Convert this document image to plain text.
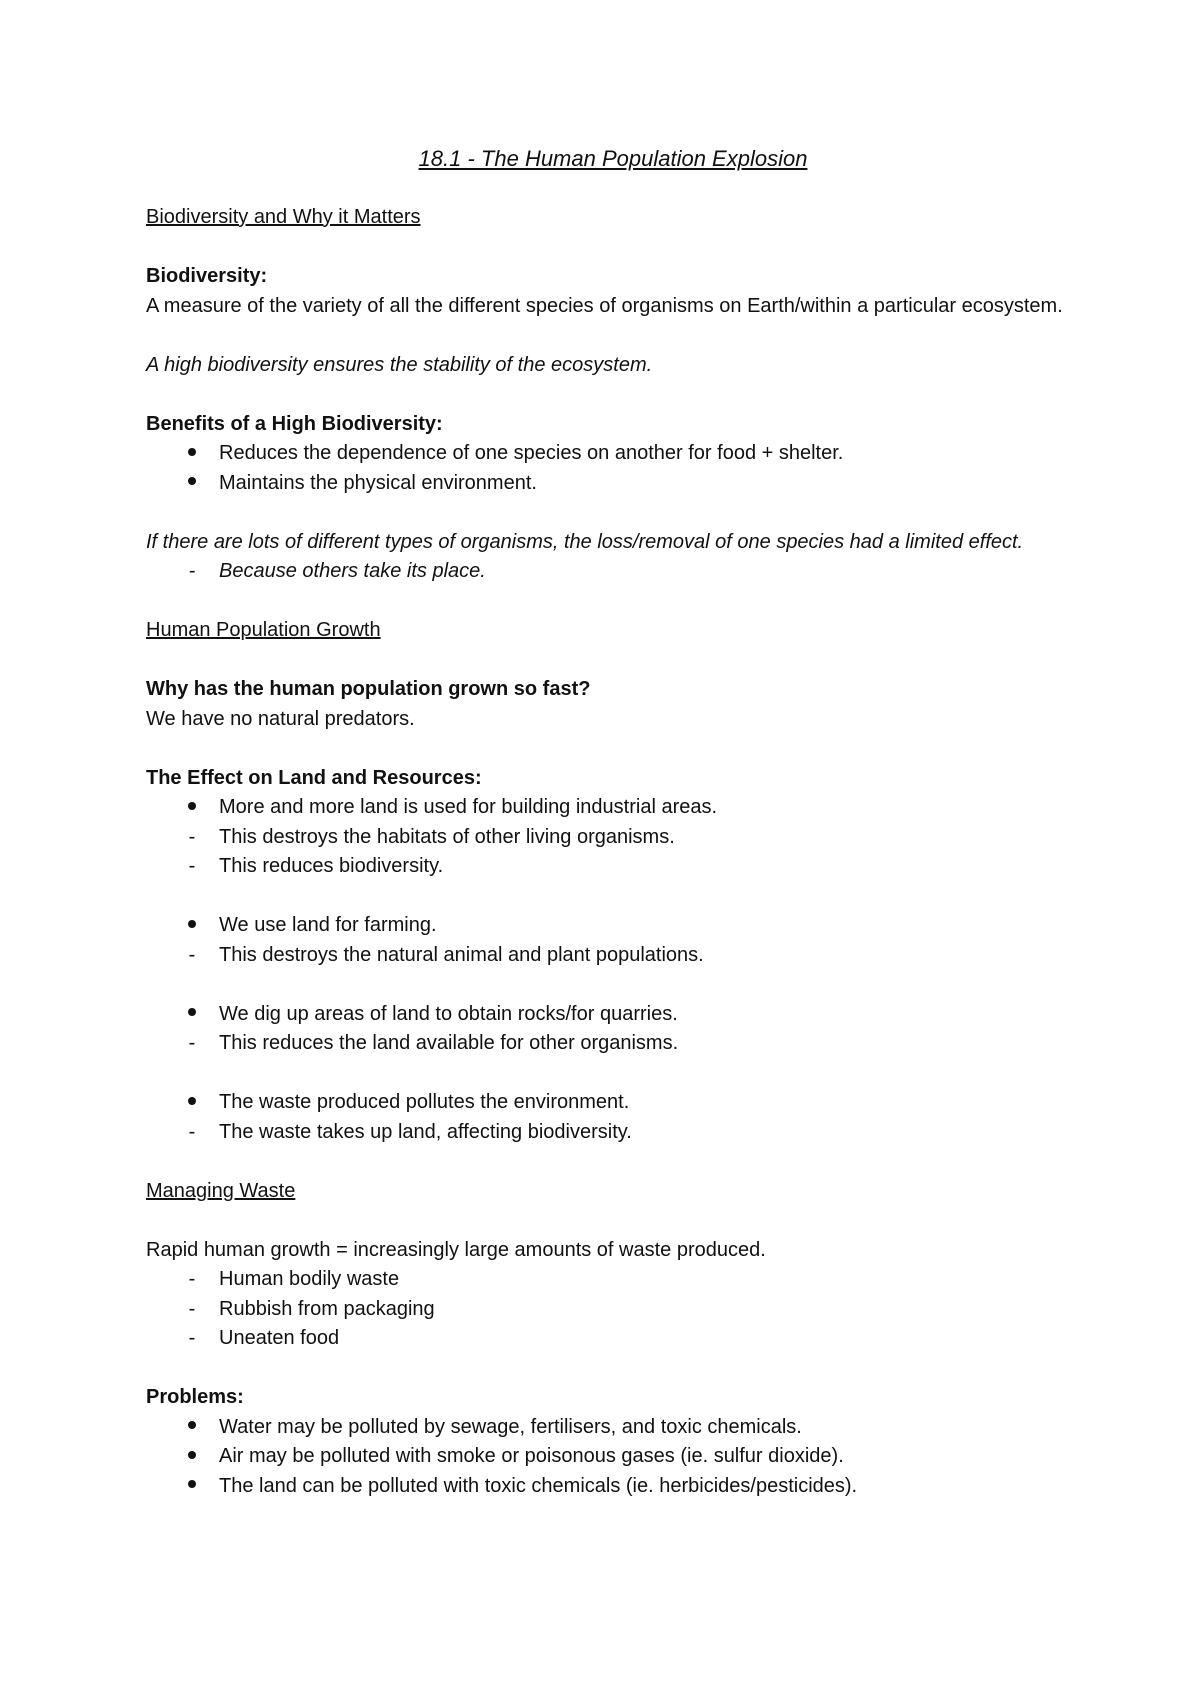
18.1 - The Human Population Explosion

Biodiversity and Why it Matters

Biodiversity:

A measure of the variety of all the different species of organisms on Earth/within a particular ecosystem.

A high biodiversity ensures the stability of the ecosystem.

Benefits of a High Biodiversity:

Reduces the dependence of one species on another for food + shelter.

Maintains the physical environment.

If there are lots of different types of organisms, the loss/removal of one species had a limited effect.

-	Because others take its place.

Human Population Growth

Why has the human population grown so fast?

We have no natural predators.

The Effect on Land and Resources:

More and more land is used for building industrial areas.

-	This destroys the habitats of other living organisms.

-	This reduces biodiversity.

We use land for farming.

-	This destroys the natural animal and plant populations.

We dig up areas of land to obtain rocks/for quarries.

-	This reduces the land available for other organisms.

The waste produced pollutes the environment.

-	The waste takes up land, affecting biodiversity.

Managing Waste

Rapid human growth = increasingly large amounts of waste produced.

-	Human bodily waste

-	Rubbish from packaging

-	Uneaten food

Problems:

Water may be polluted by sewage, fertilisers, and toxic chemicals.

Air may be polluted with smoke or poisonous gases (ie. sulfur dioxide).

The land can be polluted with toxic chemicals (ie. herbicides/pesticides).
